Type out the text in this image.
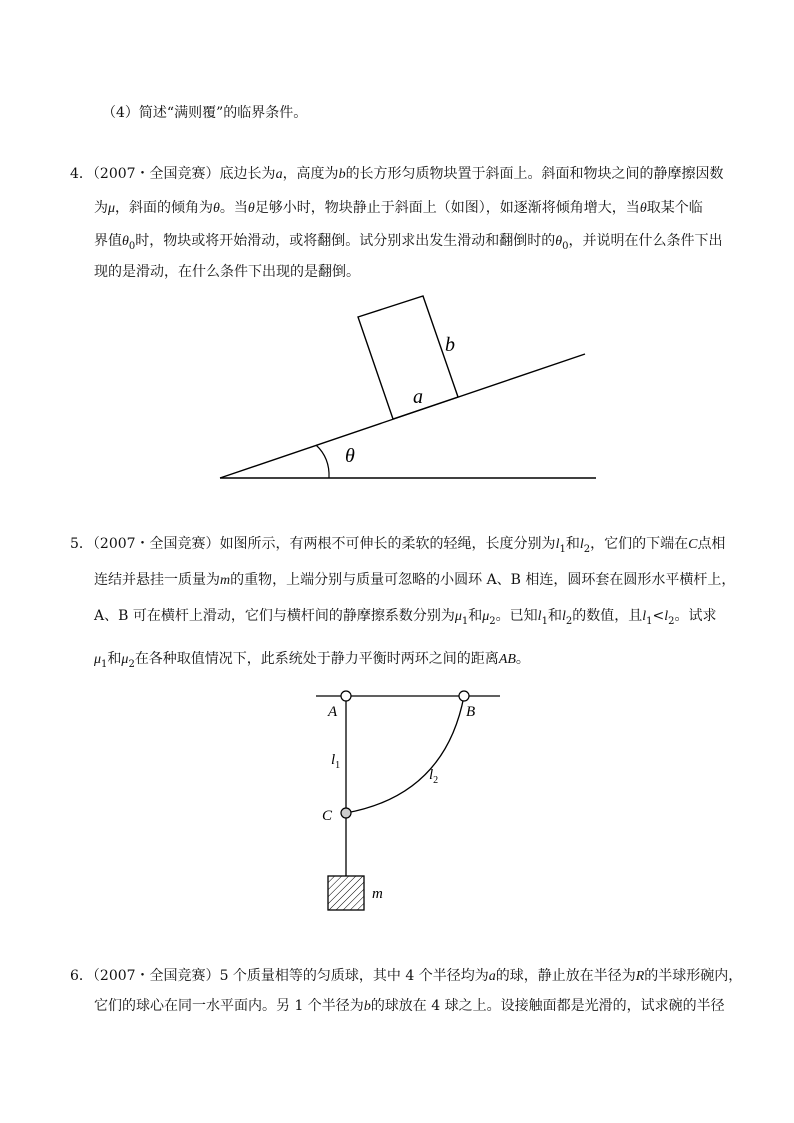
（4）简述“满则覆”的临界条件。
4．（2007・全国竞赛）底边长为a，高度为b的长方形匀质物块置于斜面上。斜面和物块之间的静摩擦因数
为μ，斜面的倾角为θ。当θ足够小时，物块静止于斜面上（如图），如逐渐将倾角增大，当θ取某个临
界值$\theta_0$时，物块或将开始滑动，或将翻倒。试分别求出发生滑动和翻倒时的$\theta_0$，并说明在什么条件下出
现的是滑动，在什么条件下出现的是翻倒。
a
b
θ
5．（2007・全国竞赛）如图所示，有两根不可伸长的柔软的轻绳，长度分别为$l_1$和$l_2$，它们的下端在C点相
连结并悬挂一质量为m的重物，上端分别与质量可忽略的小圆环 A、B 相连，圆环套在圆形水平横杆上，
A、B 可在横杆上滑动，它们与横杆间的静摩擦系数分别为$\mu_1$和$\mu_2$。已知$l_1$和$l_2$的数值，且$l_1<l_2$。试求
$\mu_1$和$\mu_2$在各种取值情况下，此系统处于静力平衡时两环之间的距离AB。
A	B
C
$l_1$
$l_2$
m
6．（2007・全国竞赛）5 个质量相等的匀质球，其中 4 个半径均为a的球，静止放在半径为R的半球形碗内，
它们的球心在同一水平面内。另 1 个半径为b的球放在 4 球之上。设接触面都是光滑的，试求碗的半径
